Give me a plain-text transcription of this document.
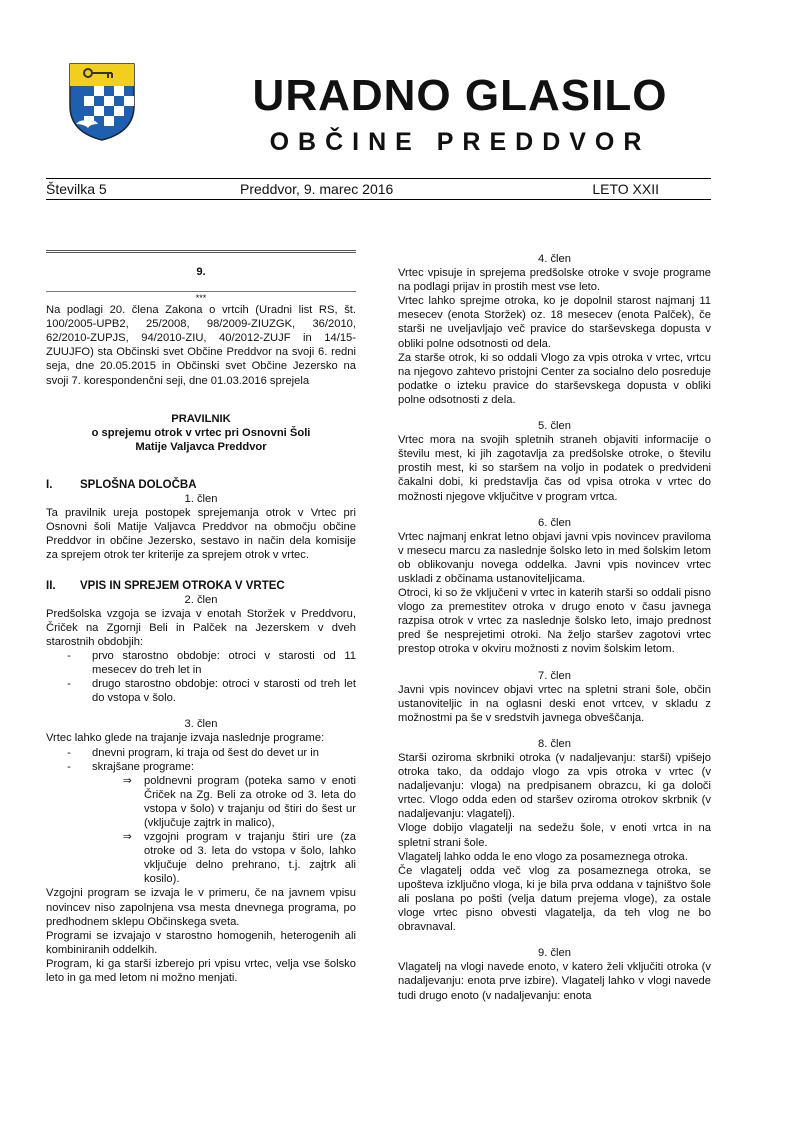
URADNO GLASILO
OBČINE PREDDVOR
Številka 5	Preddvor, 9. marec 2016	LETO XXII

9.

***

Na podlagi 20. člena Zakona o vrtcih (Uradni list RS, št. 100/2005-UPB2, 25/2008, 98/2009-ZIUZGK, 36/2010, 62/2010-ZUPJS, 94/2010-ZIU, 40/2012-ZUJF in 14/15-ZUUJFO) sta Občinski svet Občine Preddvor na svoji 6. redni seja, dne 20.05.2015 in Občinski svet Občine Jezersko na svoji 7. korespondenčni seji, dne 01.03.2016 sprejela

PRAVILNIK

o sprejemu otrok v vrtec pri Osnovni Šoli Matije Valjavca Preddvor

I.	SPLOŠNA DOLOČBA

1. člen

Ta pravilnik ureja postopek sprejemanja otrok v Vrtec pri Osnovni šoli Matije Valjavca Preddvor na območju občine Preddvor in občine Jezersko, sestavo in način dela komisije za sprejem otrok ter kriterije za sprejem otrok v vrtec.

II.	VPIS IN SPREJEM OTROKA V VRTEC

2. člen

Predšolska vzgoja se izvaja v enotah Storžek v Preddvoru, Čriček na Zgornji Beli in Palček na Jezerskem v dveh starostnih obdobjih:

-	prvo starostno obdobje: otroci v starosti od 11 mesecev do treh let in
-	drugo starostno obdobje: otroci v starosti od treh let do vstopa v šolo.

3. člen

Vrtec lahko glede na trajanje izvaja naslednje programe:

-	dnevni program, ki traja od šest do devet ur in
-	skrajšane programe:
⇒	poldnevni program (poteka samo v enoti Čriček na Zg. Beli za otroke od 3. leta do vstopa v šolo) v trajanju od štiri do šest ur (vključuje zajtrk in malico),
⇒	vzgojni program v trajanju štiri ure (za otroke od 3. leta do vstopa v šolo, lahko vključuje delno prehrano, t.j. zajtrk ali kosilo).

Vzgojni program se izvaja le v primeru, če na javnem vpisu novincev niso zapolnjena vsa mesta dnevnega programa, po predhodnem sklepu Občinskega sveta.

Programi se izvajajo v starostno homogenih, heterogenih ali kombiniranih oddelkih.

Program, ki ga starši izberejo pri vpisu vrtec, velja vse šolsko leto in ga med letom ni možno menjati.

4. člen

Vrtec vpisuje in sprejema predšolske otroke v svoje programe na podlagi prijav in prostih mest vse leto.

Vrtec lahko sprejme otroka, ko je dopolnil starost najmanj 11 mesecev (enota Storžek) oz. 18 mesecev (enota Palček), če starši ne uveljavljajo več pravice do starševskega dopusta v obliki polne odsotnosti od dela.

Za starše otrok, ki so oddali Vlogo za vpis otroka v vrtec, vrtcu na njegovo zahtevo pristojni Center za socialno delo posreduje podatke o izteku pravice do starševskega dopusta v obliki polne odsotnosti z dela.

5. člen

Vrtec mora na svojih spletnih straneh objaviti informacije o številu mest, ki jih zagotavlja za predšolske otroke, o številu prostih mest, ki so staršem na voljo in podatek o predvideni čakalni dobi, ki predstavlja čas od vpisa otroka v vrtec do možnosti njegove vključitve v program vrtca.

6. člen

Vrtec najmanj enkrat letno objavi javni vpis novincev praviloma v mesecu marcu za naslednje šolsko leto in med šolskim letom ob oblikovanju novega oddelka. Javni vpis novincev vrtec uskladi z občinama ustanoviteljicama.

Otroci, ki so že vključeni v vrtec in katerih starši so oddali pisno vlogo za premestitev otroka v drugo enoto v času javnega razpisa otrok v vrtec za naslednje šolsko leto, imajo prednost pred še nesprejetimi otroki. Na željo staršev zagotovi vrtec prestop otroka v okviru možnosti z novim šolskim letom.

7. člen

Javni vpis novincev objavi vrtec na spletni strani šole, občin ustanoviteljic in na oglasni deski enot vrtcev, v skladu z možnostmi pa še v sredstvih javnega obveščanja.

8. člen

Starši oziroma skrbniki otroka (v nadaljevanju: starši) vpišejo otroka tako, da oddajo vlogo za vpis otroka v vrtec (v nadaljevanju: vloga) na predpisanem obrazcu, ki ga določi vrtec. Vlogo odda eden od staršev oziroma otrokov skrbnik (v nadaljevanju: vlagatelj).

Vloge dobijo vlagatelji na sedežu šole, v enoti vrtca in na spletni strani šole.

Vlagatelj lahko odda le eno vlogo za posameznega otroka.

Če vlagatelj odda več vlog za posameznega otroka, se upošteva izključno vloga, ki je bila prva oddana v tajništvo šole ali poslana po pošti (velja datum prejema vloge), za ostale vloge vrtec pisno obvesti vlagatelja, da teh vlog ne bo obravnaval.

9. člen

Vlagatelj na vlogi navede enoto, v katero želi vključiti otroka (v nadaljevanju: enota prve izbire). Vlagatelj lahko v vlogi navede tudi drugo enoto (v nadaljevanju: enota
